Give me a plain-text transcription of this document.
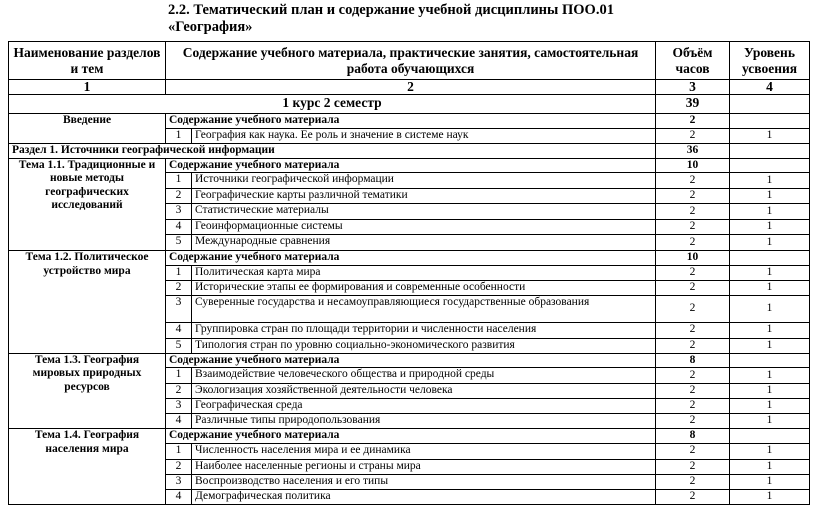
2.2. Тематический план и содержание учебной дисциплины ПОО.01
«География»
Наименование разделов и тем	Содержание учебного материала, практические занятия, самостоятельная работа обучающихся		Объём часов	Уровень усвоения
1	2		3	4
1 курс 2 семестр			39	
Введение	Содержание учебного материала		2	
	1	География как наука. Ее роль и значение в системе наук	2	1
Раздел 1. Источники географической информации			36	
Тема 1.1. Традиционные и новые методы географических исследований	Содержание учебного материала		10	
	1	Источники географической информации	2	1
	2	Географические карты различной тематики	2	1
	3	Статистические материалы	2	1
	4	Геоинформационные системы	2	1
	5	Международные сравнения	2	1
Тема 1.2. Политическое устройство мира	Содержание учебного материала		10	
	1	Политическая карта мира	2	1
	2	Исторические этапы ее формирования и современные особенности	2	1
	3	Суверенные государства и несамоуправляющиеся государственные образования	2	1
	4	Группировка стран по площади территории и численности населения	2	1
	5	Типология стран по уровню социально-экономического развития	2	1
Тема 1.3. География мировых природных ресурсов	Содержание учебного материала		8	
	1	Взаимодействие человеческого общества и природной среды	2	1
	2	Экологизация хозяйственной деятельности человека	2	1
	3	Географическая среда	2	1
	4	Различные типы природопользования	2	1
Тема 1.4. География населения мира	Содержание учебного материала		8	
	1	Численность населения мира и ее динамика	2	1
	2	Наиболее населенные регионы и страны мира	2	1
	3	Воспроизводство населения и его типы	2	1
	4	Демографическая политика	2	1
